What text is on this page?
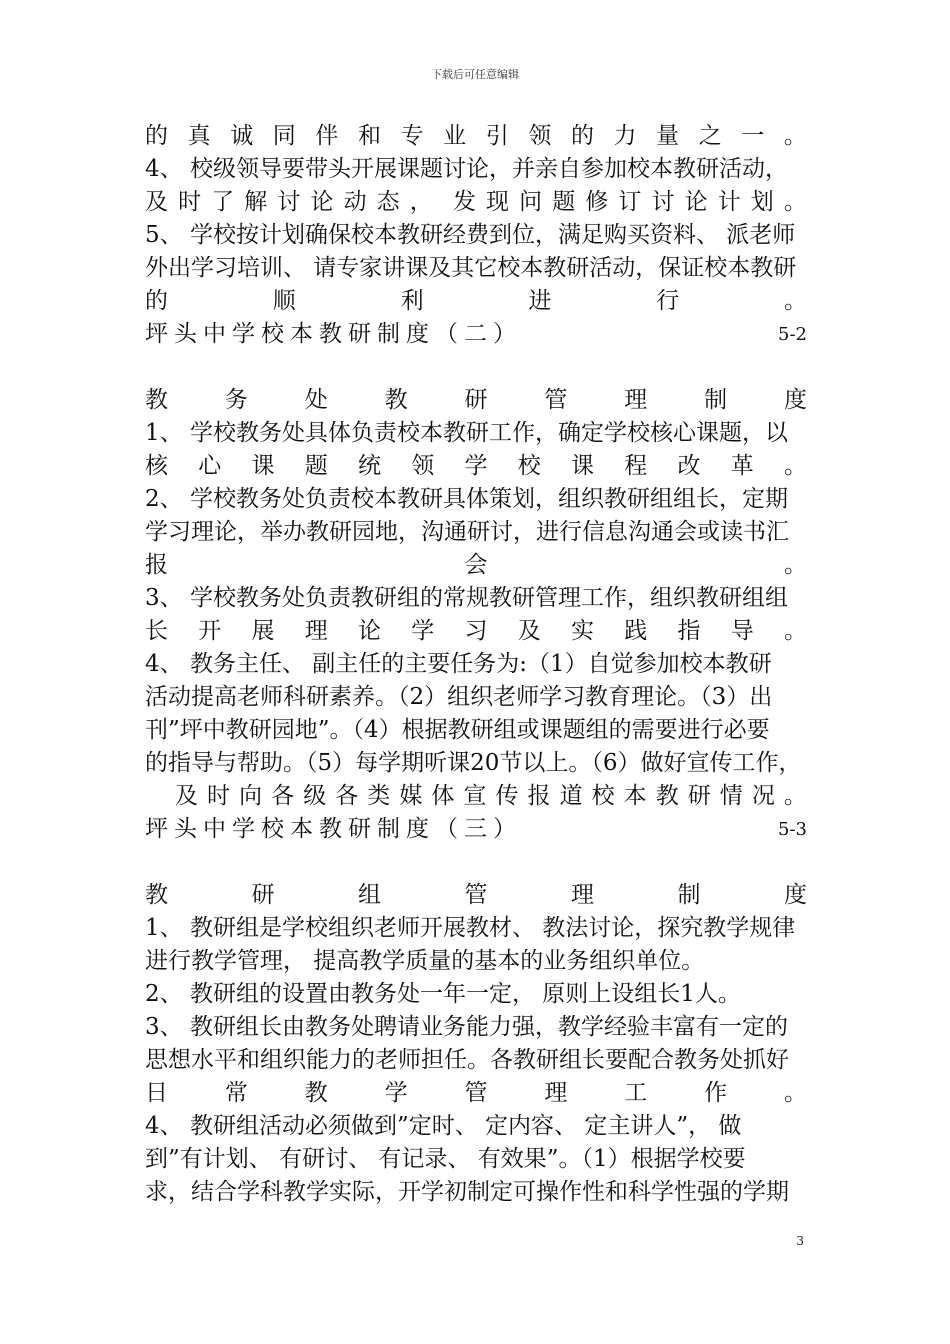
下载后可任意编辑
的 真 诚 同 伴 和 专 业 引 领 的 力 量 之 一 。
4、 校级领导要带头开展课题讨论，并亲自参加校本教研活动，
及 时 了 解 讨 论 动 态 ， 发 现 问 题 修 订 讨 论 计 划 。
5、 学校按计划确保校本教研经费到位，满足购买资料、 派老师
外出学习培训、 请专家讲课及其它校本教研活动，保证校本教研
的	顺	利	进	行	。
坪头中学校本教研制度（二）	5-2
教 务 处 教 研 管 理 制 度
1、 学校教务处具体负责校本教研工作，确定学校核心课题，以
核 心 课 题 统 领 学 校 课 程 改 革 。
2、 学校教务处负责校本教研具体策划，组织教研组组长，定期
学习理论，举办教研园地，沟通研讨，进行信息沟通会或读书汇
报	会	。
3、 学校教务处负责教研组的常规教研管理工作，组织教研组组
长 开 展 理 论 学 习 及 实 践 指 导 。
4、 教务主任、 副主任的主要任务为:（1）自觉参加校本教研
活动提高老师科研素养。（2）组织老师学习教育理论。（3）出
刊”坪中教研园地”。（4）根据教研组或课题组的需要进行必要
的指导与帮助。（5）每学期听课20节以上。（6）做好宣传工作，
及 时 向 各 级 各 类 媒 体 宣 传 报 道 校 本 教 研 情 况 。
坪头中学校本教研制度（三）	5-3
教	研	组	管	理	制	度
1、 教研组是学校组织老师开展教材、 教法讨论，探究教学规律
进行教学管理， 提高教学质量的基本的业务组织单位。
2、 教研组的设置由教务处一年一定， 原则上设组长1人。
3、 教研组长由教务处聘请业务能力强，教学经验丰富有一定的
思想水平和组织能力的老师担任。各教研组长要配合教务处抓好
日 常 教 学 管 理 工 作 。
4、 教研组活动必须做到”定时、 定内容、 定主讲人”， 做
到”有计划、 有研讨、 有记录、 有效果”。（1）根据学校要
求，结合学科教学实际，开学初制定可操作性和科学性强的学期
3
